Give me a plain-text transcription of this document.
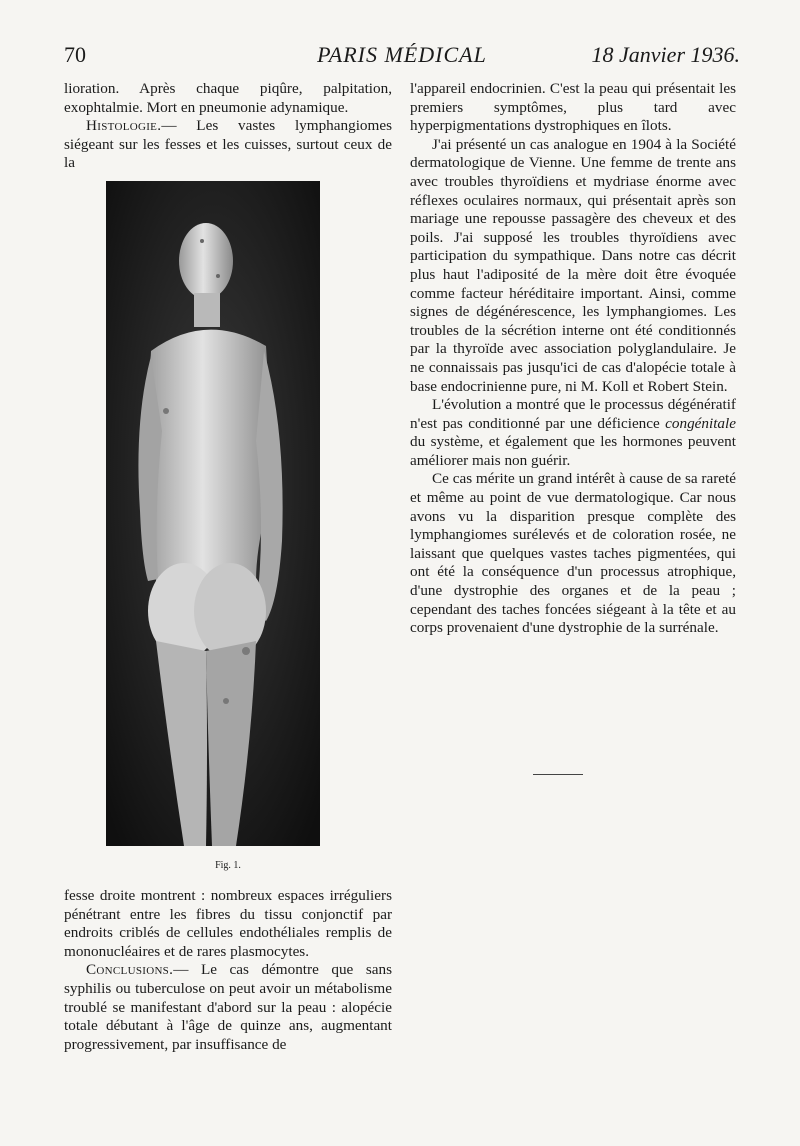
70	PARIS MÉDICAL	18 Janvier 1936.

lioration. Après chaque piqûre, palpitation, exophtalmie. Mort en pneumonie adynamique.

Histologie.— Les vastes lymphangiomes siégeant sur les fesses et les cuisses, surtout ceux de la

Fig. 1.

fesse droite montrent : nombreux espaces irréguliers pénétrant entre les fibres du tissu conjonctif par endroits criblés de cellules endothéliales remplis de mononucléaires et de rares plasmocytes.

Conclusions.— Le cas démontre que sans syphilis ou tuberculose on peut avoir un métabolisme troublé se manifestant d'abord sur la peau : alopécie totale débutant à l'âge de quinze ans, augmentant progressivement, par insuffisance de

l'appareil endocrinien. C'est la peau qui présentait les premiers symptômes, plus tard avec hyperpigmentations dystrophiques en îlots.

J'ai présenté un cas analogue en 1904 à la Société dermatologique de Vienne. Une femme de trente ans avec troubles thyroïdiens et mydriase énorme avec réflexes oculaires normaux, qui présentait après son mariage une repousse passagère des cheveux et des poils. J'ai supposé les troubles thyroïdiens avec participation du sympathique. Dans notre cas décrit plus haut l'adiposité de la mère doit être évoquée comme facteur héréditaire important. Ainsi, comme signes de dégénérescence, les lymphangiomes. Les troubles de la sécrétion interne ont été conditionnés par la thyroïde avec association polyglandulaire. Je ne connaissais pas jusqu'ici de cas d'alopécie totale à base endocrinienne pure, ni M. Koll et Robert Stein.

L'évolution a montré que le processus dégénératif n'est pas conditionné par une déficience congénitale du système, et également que les hormones peuvent améliorer mais non guérir.

Ce cas mérite un grand intérêt à cause de sa rareté et même au point de vue dermatologique. Car nous avons vu la disparition presque complète des lymphangiomes surélevés et de coloration rosée, ne laissant que quelques vastes taches pigmentées, qui ont été la conséquence d'un processus atrophique, d'une dystrophie des organes et de la peau ; cependant des taches foncées siégeant à la tête et au corps provenaient d'une dystrophie de la surrénale.
